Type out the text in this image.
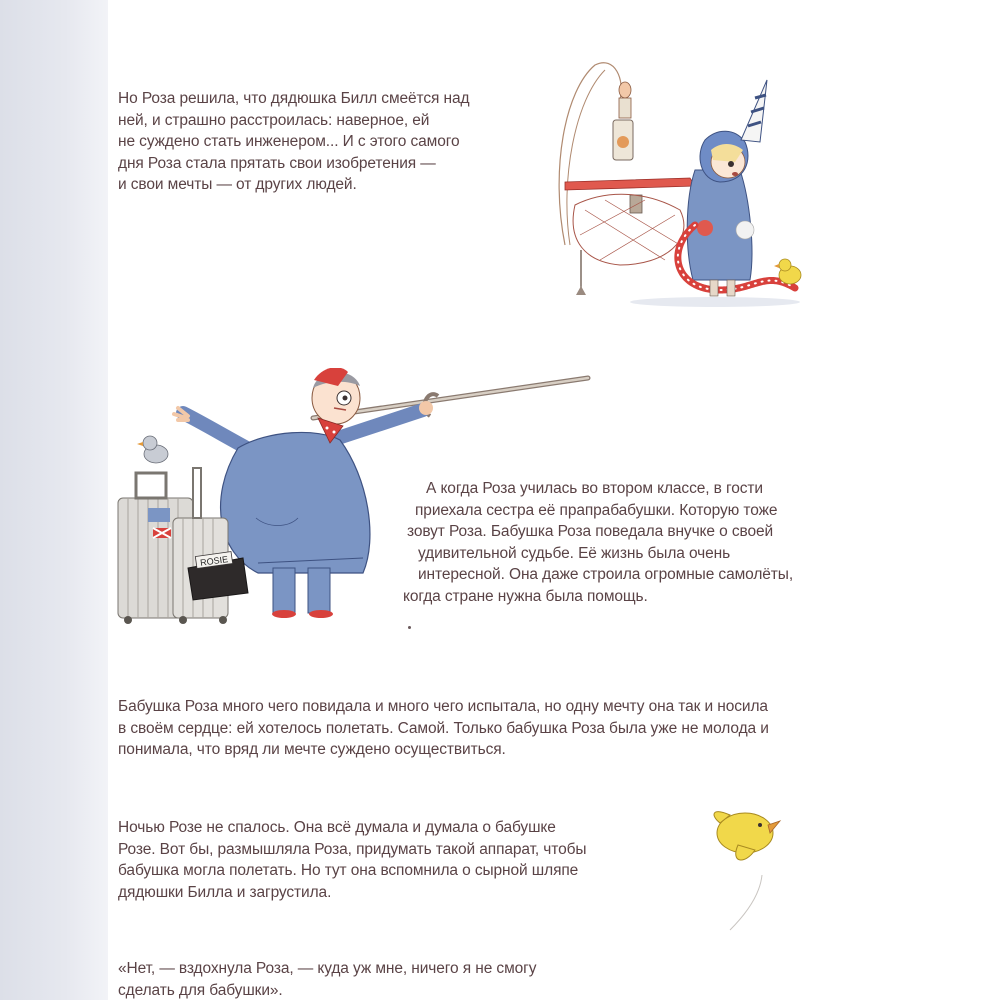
Но Роза решила, что дядюшка Билл смеётся над
ней, и страшно расстроилась: наверное, ей
не суждено стать инженером... И с этого самого
дня Роза стала прятать свои изобретения —
и свои мечты — от других людей.
ROSIE
А когда Роза училась во втором классе, в гости
приехала сестра её прапрабабушки. Которую тоже
зовут Роза. Бабушка Роза поведала внучке о своей
удивительной судьбе. Её жизнь была очень
интересной. Она даже строила огромные самолёты,
когда стране нужна была помощь.
Бабушка Роза много чего повидала и много чего испытала, но одну мечту она так и носила
в своём сердце: ей хотелось полетать. Самой. Только бабушка Роза была уже не молода и
понимала, что вряд ли мечте суждено осуществиться.
Ночью Розе не спалось. Она всё думала и думала о бабушке
Розе. Вот бы, размышляла Роза, придумать такой аппарат, чтобы
бабушка могла полетать. Но тут она вспомнила о сырной шляпе
дядюшки Билла и загрустила.
«Нет, — вздохнула Роза, — куда уж мне, ничего я не смогу
сделать для бабушки».
